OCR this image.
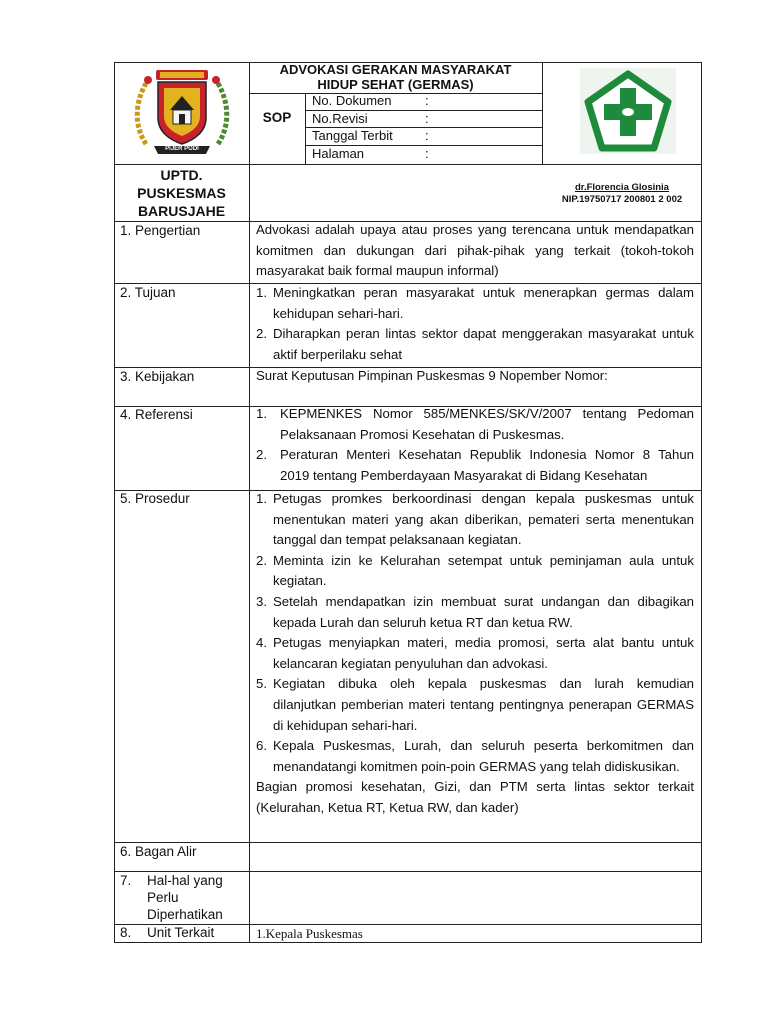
PIJER PODI
ADVOKASI GERAKAN MASYARAKAT
HIDUP SEHAT (GERMAS)
SOP
No. Dokumen	:
No.Revisi	:
Tanggal Terbit :
Halaman	:
UPTD.
PUSKESMAS
BARUSJAHE
dr.Florencia Glosinia
NIP.19750717 200801 2 002
1. Pengertian	Advokasi adalah upaya atau proses yang terencana untuk mendapatkan komitmen dan dukungan dari pihak-pihak yang terkait (tokoh-tokoh masyarakat baik formal maupun informal)
2. Tujuan	1. Meningkatkan peran masyarakat untuk menerapkan germas dalam kehidupan sehari-hari.
2. Diharapkan peran lintas sektor dapat menggerakan masyarakat untuk aktif berperilaku sehat
3. Kebijakan	Surat Keputusan Pimpinan Puskesmas 9 Nopember Nomor:
4. Referensi	1. KEPMENKES Nomor 585/MENKES/SK/V/2007 tentang Pedoman Pelaksanaan Promosi Kesehatan di Puskesmas.
2. Peraturan Menteri Kesehatan Republik Indonesia Nomor 8 Tahun 2019 tentang Pemberdayaan Masyarakat di Bidang Kesehatan
5. Prosedur	1. Petugas promkes berkoordinasi dengan kepala puskesmas untuk menentukan materi yang akan diberikan, pemateri serta menentukan tanggal dan tempat pelaksanaan kegiatan.
2. Meminta izin ke Kelurahan setempat untuk peminjaman aula untuk kegiatan.
3. Setelah mendapatkan izin membuat surat undangan dan dibagikan kepada Lurah dan seluruh ketua RT dan ketua RW.
4. Petugas menyiapkan materi, media promosi, serta alat bantu untuk kelancaran kegiatan penyuluhan dan advokasi.
5. Kegiatan dibuka oleh kepala puskesmas dan lurah kemudian dilanjutkan pemberian materi tentang pentingnya penerapan GERMAS di kehidupan sehari-hari.
6. Kepala Puskesmas, Lurah, dan seluruh peserta berkomitmen dan menandatangi komitmen poin-poin GERMAS yang telah didiskusikan.
Bagian promosi kesehatan, Gizi, dan PTM serta lintas sektor terkait (Kelurahan, Ketua RT, Ketua RW, dan kader)
6. Bagan Alir
7. Hal-hal yang
Perlu
Diperhatikan
8. Unit Terkait	1.Kepala Puskesmas
